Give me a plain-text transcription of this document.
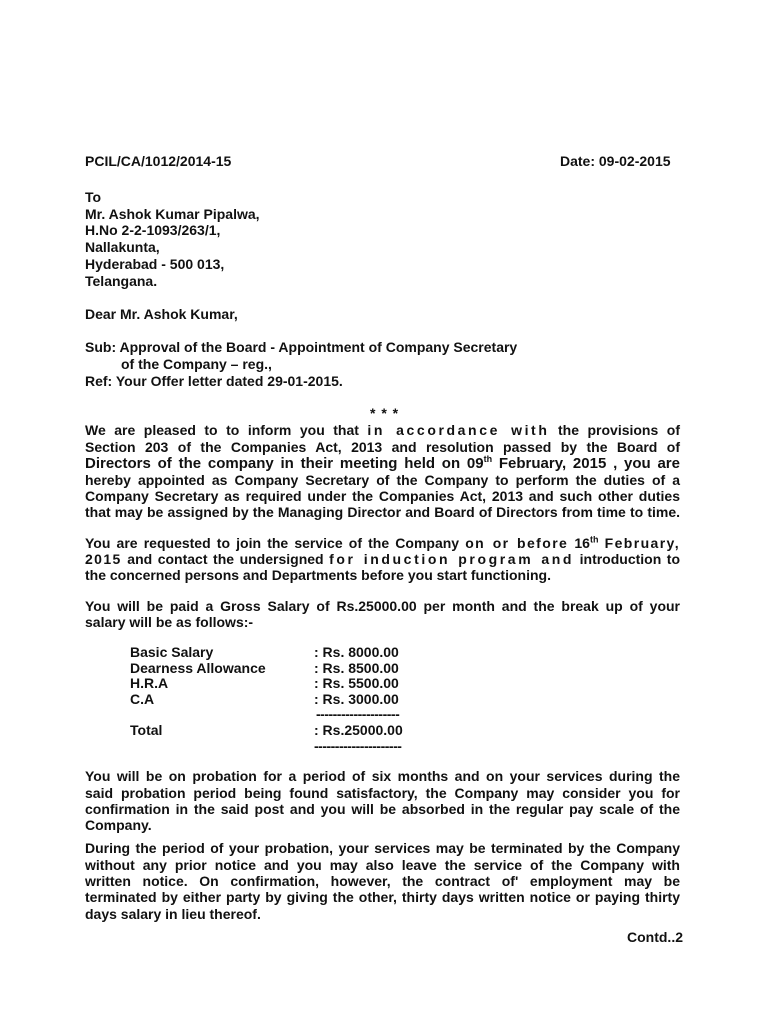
PCIL/CA/1012/2014-15	Date: 09-02-2015
To
Mr. Ashok Kumar Pipalwa,
H.No 2-2-1093/263/1,
Nallakunta,
Hyderabad - 500 013,
Telangana.
Dear Mr. Ashok Kumar,
Sub: Approval of the Board - Appointment of Company Secretary
of the Company – reg.,
Ref: Your Offer letter dated 29-01-2015.
* * *
We are pleased to to inform you that in accordance with the provisions of
Section 203 of the Companies Act, 2013 and resolution passed by the Board of
Directors of the company in their meeting held on 09th February, 2015 , you are
hereby appointed as Company Secretary of the Company to perform the duties of a
Company Secretary as required under the Companies Act, 2013 and such other duties
that may be assigned by the Managing Director and Board of Directors from time to time.
You are requested to join the service of the Company on or before 16th February,
2015 and contact the undersigned for induction program and introduction to
the concerned persons and Departments before you start functioning.
You will be paid a Gross Salary of Rs.25000.00 per month and the break up of your
salary will be as follows:-
Basic Salary	: Rs. 8000.00
Dearness Allowance	: Rs. 8500.00
H.R.A	: Rs. 5500.00
C.A	: Rs. 3000.00
--------------------
Total	: Rs.25000.00
---------------------
You will be on probation for a period of six months and on your services during the
said probation period being found satisfactory, the Company may consider you for
confirmation in the said post and you will be absorbed in the regular pay scale of the
Company.
During the period of your probation, your services may be terminated by the Company
without any prior notice and you may also leave the service of the Company with
written notice. On confirmation, however, the contract of' employment may be
terminated by either party by giving the other, thirty days written notice or paying thirty
days salary in lieu thereof.
Contd..2
